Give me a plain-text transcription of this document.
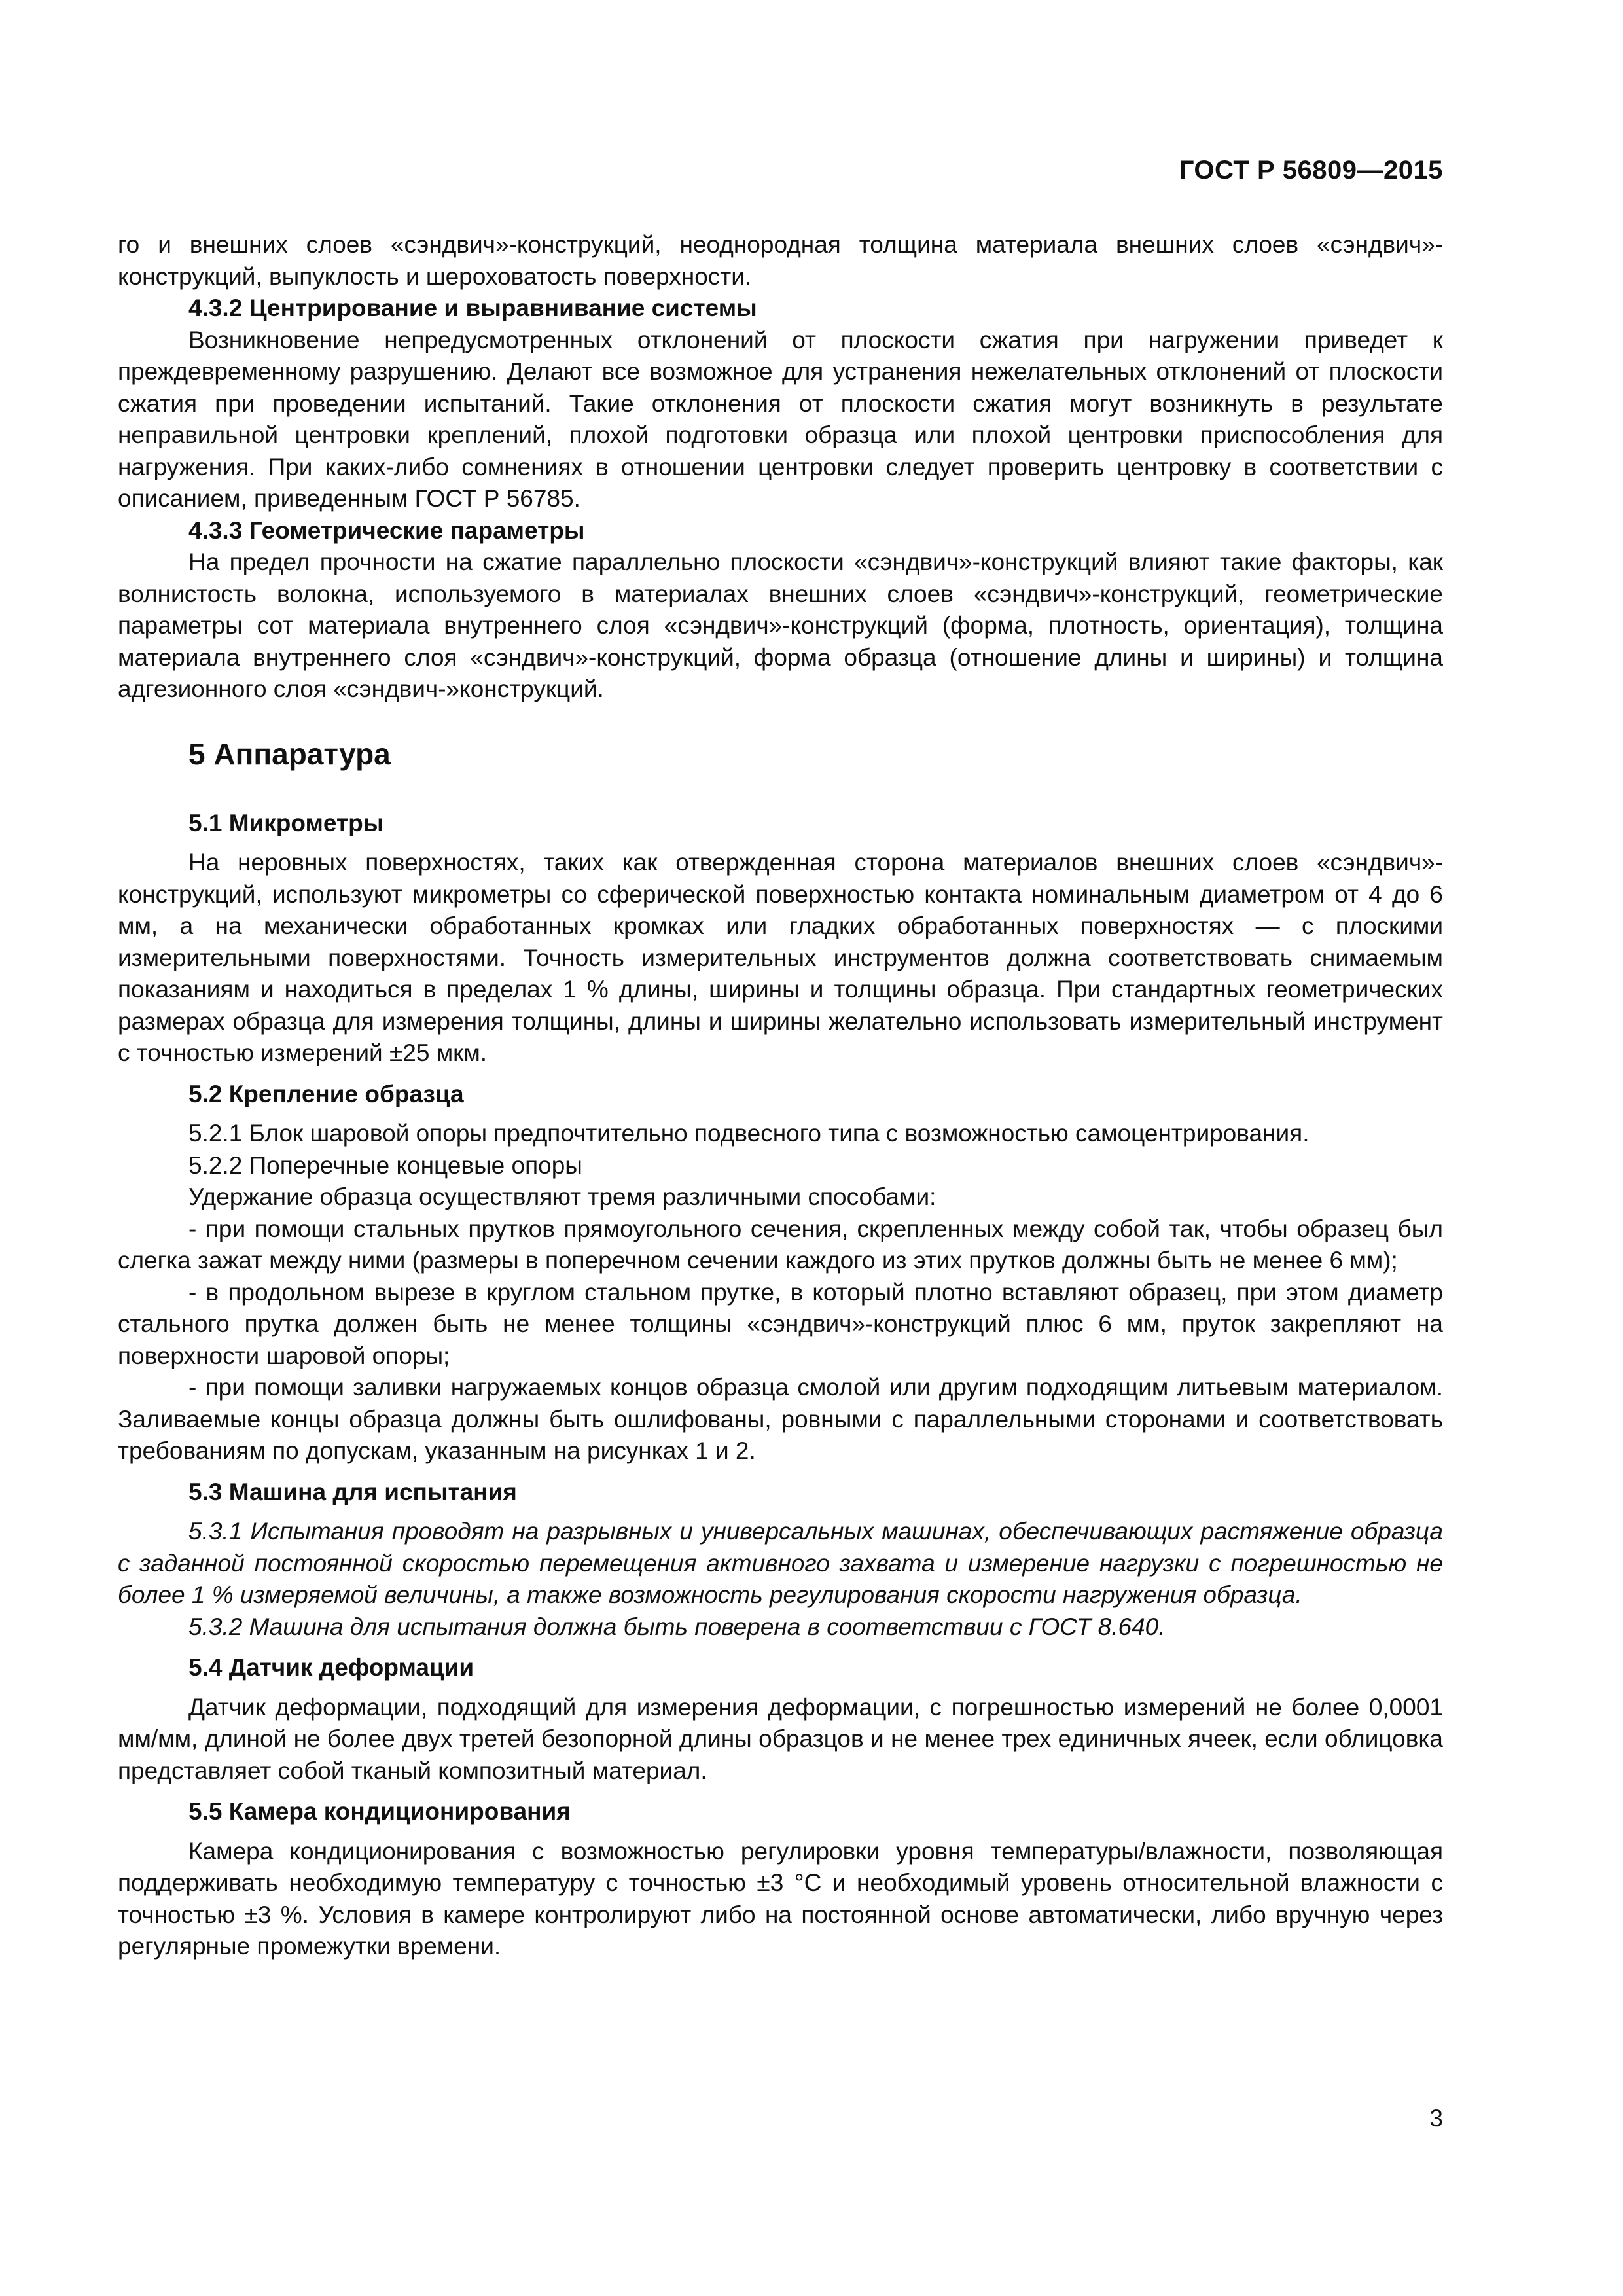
ГОСТ Р 56809—2015

го и внешних слоев «сэндвич»-конструкций, неоднородная толщина материала внешних слоев «сэндвич»-конструкций, выпуклость и шероховатость поверхности.

4.3.2 Центрирование и выравнивание системы

Возникновение непредусмотренных отклонений от плоскости сжатия при нагружении приведет к преждевременному разрушению. Делают все возможное для устранения нежелательных отклонений от плоскости сжатия при проведении испытаний. Такие отклонения от плоскости сжатия могут возникнуть в результате неправильной центровки креплений, плохой подготовки образца или плохой центровки приспособления для нагружения. При каких-либо сомнениях в отношении центровки следует проверить центровку в соответствии с описанием, приведенным ГОСТ Р 56785.

4.3.3 Геометрические параметры

На предел прочности на сжатие параллельно плоскости «сэндвич»-конструкций влияют такие факторы, как волнистость волокна, используемого в материалах внешних слоев «сэндвич»-конструкций, геометрические параметры сот материала внутреннего слоя «сэндвич»-конструкций (форма, плотность, ориентация), толщина материала внутреннего слоя «сэндвич»-конструкций, форма образца (отношение длины и ширины) и толщина адгезионного слоя «сэндвич-»конструкций.

5 Аппаратура

5.1 Микрометры

На неровных поверхностях, таких как отвержденная сторона материалов внешних слоев «сэндвич»-конструкций, используют микрометры со сферической поверхностью контакта номинальным диаметром от 4 до 6 мм, а на механически обработанных кромках или гладких обработанных поверхностях — с плоскими измерительными поверхностями. Точность измерительных инструментов должна соответствовать снимаемым показаниям и находиться в пределах 1 % длины, ширины и толщины образца. При стандартных геометрических размерах образца для измерения толщины, длины и ширины желательно использовать измерительный инструмент с точностью измерений ±25 мкм.

5.2 Крепление образца

5.2.1 Блок шаровой опоры предпочтительно подвесного типа с возможностью самоцентрирования.

5.2.2 Поперечные концевые опоры

Удержание образца осуществляют тремя различными способами:

- при помощи стальных прутков прямоугольного сечения, скрепленных между собой так, чтобы образец был слегка зажат между ними (размеры в поперечном сечении каждого из этих прутков должны быть не менее 6 мм);

- в продольном вырезе в круглом стальном прутке, в который плотно вставляют образец, при этом диаметр стального прутка должен быть не менее толщины «сэндвич»-конструкций плюс 6 мм, пруток закрепляют на поверхности шаровой опоры;

- при помощи заливки нагружаемых концов образца смолой или другим подходящим литьевым материалом. Заливаемые концы образца должны быть ошлифованы, ровными с параллельными сторонами и соответствовать требованиям по допускам, указанным на рисунках 1 и 2.

5.3 Машина для испытания

5.3.1 Испытания проводят на разрывных и универсальных машинах, обеспечивающих растяжение образца с заданной постоянной скоростью перемещения активного захвата и измерение нагрузки с погрешностью не более 1 % измеряемой величины, а также возможность регулирования скорости нагружения образца.

5.3.2 Машина для испытания должна быть поверена в соответствии с ГОСТ 8.640.

5.4 Датчик деформации

Датчик деформации, подходящий для измерения деформации, с погрешностью измерений не более 0,0001 мм/мм, длиной не более двух третей безопорной длины образцов и не менее трех единичных ячеек, если облицовка представляет собой тканый композитный материал.

5.5 Камера кондиционирования

Камера кондиционирования с возможностью регулировки уровня температуры/влажности, позволяющая поддерживать необходимую температуру с точностью ±3 °С и необходимый уровень относительной влажности с точностью ±3 %. Условия в камере контролируют либо на постоянной основе автоматически, либо вручную через регулярные промежутки времени.

3
